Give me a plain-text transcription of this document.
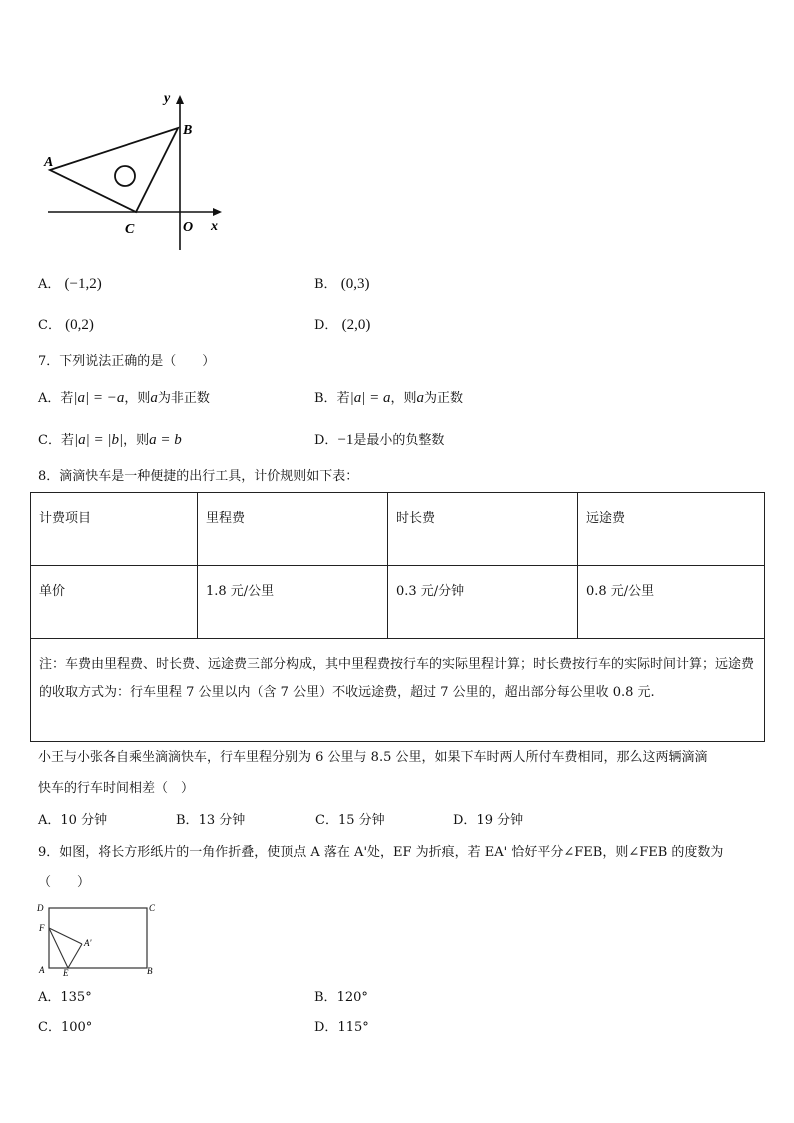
y
x
O
A
B
C
A． (−1,2)	B． (0,3)
C． (0,2)	D． (2,0)
7．下列说法正确的是（　　）
A．若|a| = −a，则a为非正数	B．若|a| = a，则a为正数
C．若|a| = |b|，则a = b	D．−1是最小的负整数
8．滴滴快车是一种便捷的出行工具，计价规则如下表：
计费项目	里程费	时长费	远途费
单价	1.8 元/公里	0.3 元/分钟	0.8 元/公里
注：车费由里程费、时长费、远途费三部分构成，其中里程费按行车的实际里程计算；时长费按行车的实际时间计算；远途费的收取方式为：行车里程 7 公里以内（含 7 公里）不收远途费，超过 7 公里的，超出部分每公里收 0.8 元.			
小王与小张各自乘坐滴滴快车，行车里程分别为 6 公里与 8.5 公里，如果下车时两人所付车费相同，那么这两辆滴滴
快车的行车时间相差（　）
A．10 分钟	B．13 分钟	C．15 分钟	D．19 分钟
9．如图，将长方形纸片的一角作折叠，使顶点 A 落在 A'处，EF 为折痕，若 EA' 恰好平分∠FEB，则∠FEB 的度数为
（　　）
D	C
F
A'
A E	B
A．135°	B．120°
C．100°	D．115°
